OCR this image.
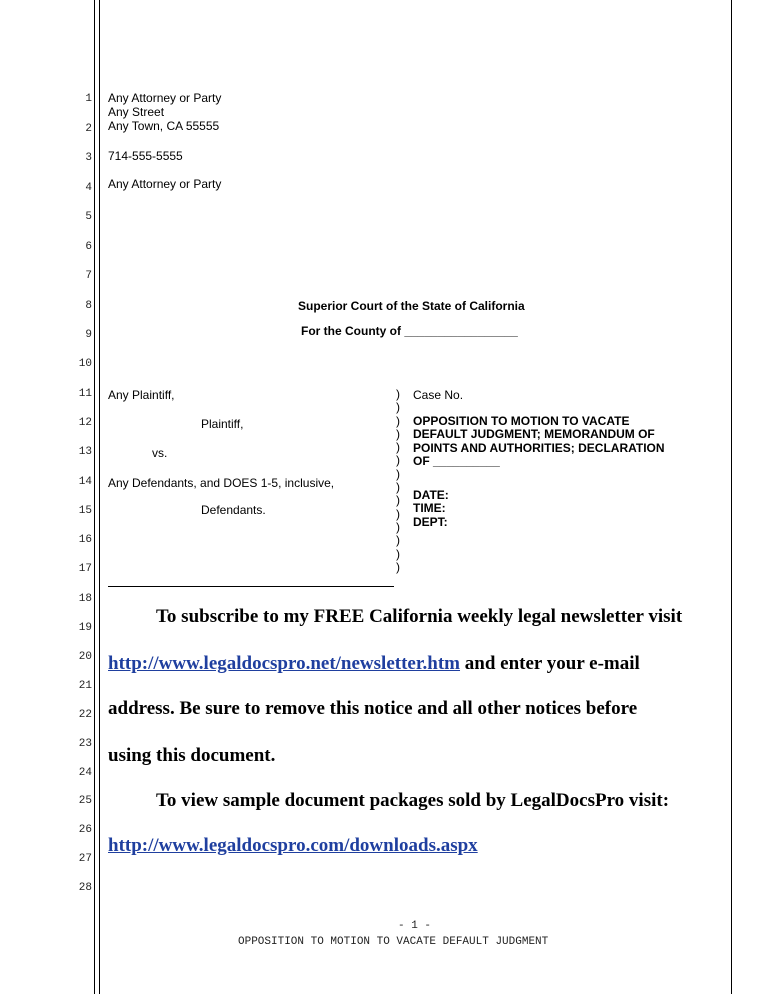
1
2
3
4
5
6
7
8
9
10
11
12
13
14
15
16
17
18
19
20
21
22
23
24
25
26
27
28
Any Attorney or Party
Any Street
Any Town, CA 55555
714-555-5555
Any Attorney or Party
Superior Court of the State of California
For the County of _________________
Any Plaintiff,
Plaintiff,
vs.
Any Defendants, and DOES 1-5, inclusive,
Defendants.
)
)
)
)
)
)
)
)
)
)
)
)
)
)
Case No.
OPPOSITION TO MOTION TO VACATE
DEFAULT JUDGMENT; MEMORANDUM OF
POINTS AND AUTHORITIES; DECLARATION
OF __________
DATE:
TIME:
DEPT:
To subscribe to my FREE California weekly legal newsletter visit
http://www.legaldocspro.net/newsletter.htm and enter your e-mail
address. Be sure to remove this notice and all other notices before
using this document.
To view sample document packages sold by LegalDocsPro visit:
http://www.legaldocspro.com/downloads.aspx
- 1 -
OPPOSITION TO MOTION TO VACATE DEFAULT JUDGMENT
